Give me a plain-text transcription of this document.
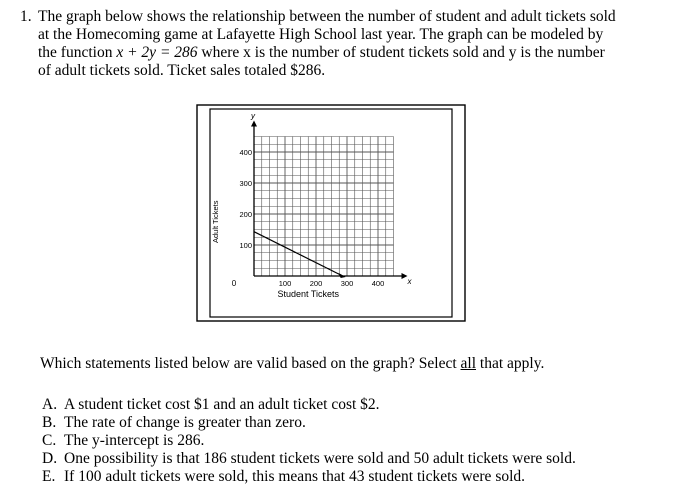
1. The graph below shows the relationship between the number of student and adult tickets sold
at the Homecoming game at Lafayette High School last year. The graph can be modeled by
the function x + 2y = 286 where x is the number of student tickets sold and y is the number
of adult tickets sold. Ticket sales totaled $286.
100 200 300 400
100
200
300
400
Adult Tickets
Student Tickets
y
x
0
Which statements listed below are valid based on the graph? Select all that apply.
A. A student ticket cost $1 and an adult ticket cost $2.
B. The rate of change is greater than zero.
C. The y-intercept is 286.
D. One possibility is that 186 student tickets were sold and 50 adult tickets were sold.
E. If 100 adult tickets were sold, this means that 43 student tickets were sold.
